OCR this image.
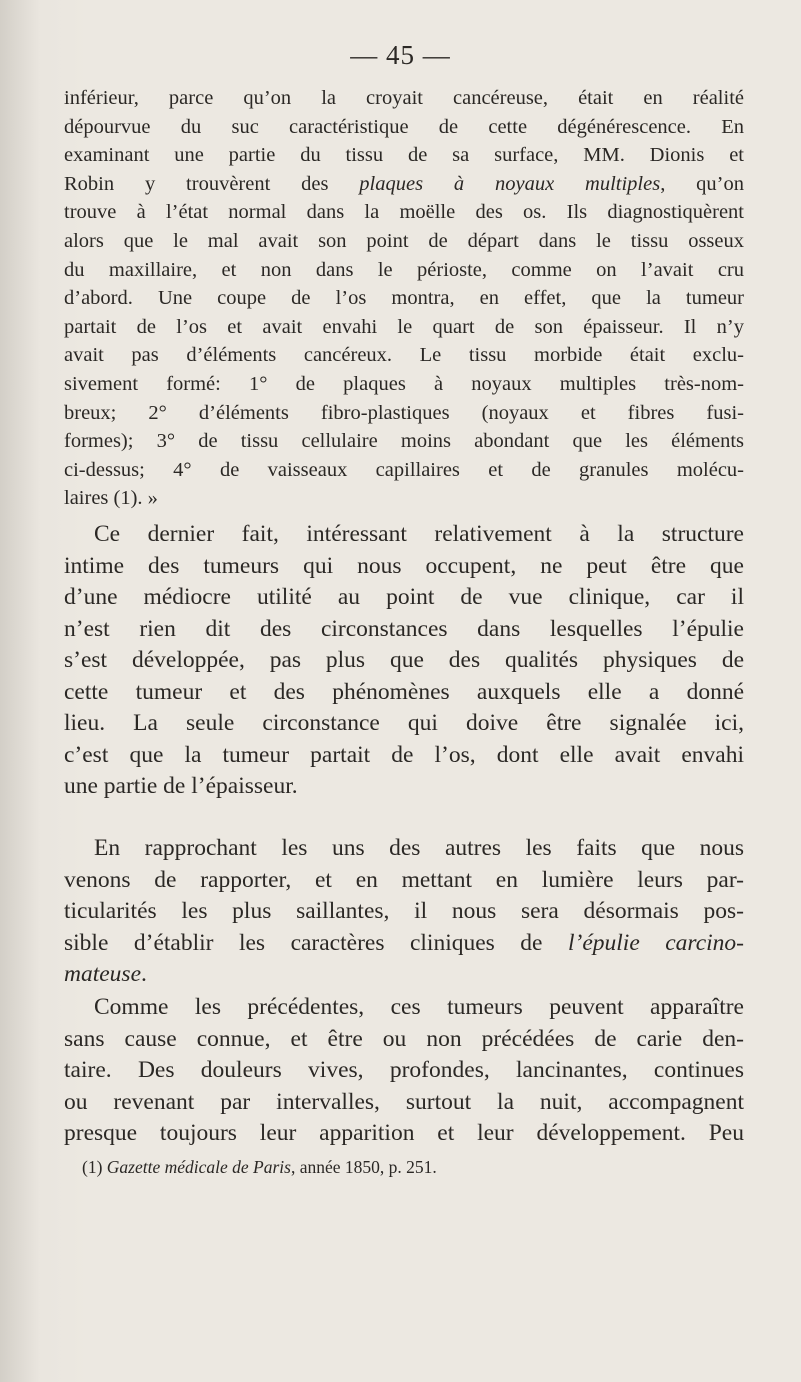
— 45 —
inférieur, parce qu’on la croyait cancéreuse, était en réalité
dépourvue du suc caractéristique de cette dégénérescence. En
examinant une partie du tissu de sa surface, MM. Dionis et
Robin y trouvèrent des plaques à noyaux multiples, qu’on
trouve à l’état normal dans la moëlle des os. Ils diagnostiquèrent
alors que le mal avait son point de départ dans le tissu osseux
du maxillaire, et non dans le périoste, comme on l’avait cru
d’abord. Une coupe de l’os montra, en effet, que la tumeur
partait de l’os et avait envahi le quart de son épaisseur. Il n’y
avait pas d’éléments cancéreux. Le tissu morbide était exclu-
sivement formé: 1° de plaques à noyaux multiples très-nom-
breux; 2° d’éléments fibro-plastiques (noyaux et fibres fusi-
formes); 3° de tissu cellulaire moins abondant que les éléments
ci-dessus; 4° de vaisseaux capillaires et de granules molécu-
laires (1). »
Ce dernier fait, intéressant relativement à la structure
intime des tumeurs qui nous occupent, ne peut être que
d’une médiocre utilité au point de vue clinique, car il
n’est rien dit des circonstances dans lesquelles l’épulie
s’est développée, pas plus que des qualités physiques de
cette tumeur et des phénomènes auxquels elle a donné
lieu. La seule circonstance qui doive être signalée ici,
c’est que la tumeur partait de l’os, dont elle avait envahi
une partie de l’épaisseur.
En rapprochant les uns des autres les faits que nous
venons de rapporter, et en mettant en lumière leurs par-
ticularités les plus saillantes, il nous sera désormais pos-
sible d’établir les caractères cliniques de l’épulie carcino-
mateuse.
Comme les précédentes, ces tumeurs peuvent apparaître
sans cause connue, et être ou non précédées de carie den-
taire. Des douleurs vives, profondes, lancinantes, continues
ou revenant par intervalles, surtout la nuit, accompagnent
presque toujours leur apparition et leur développement. Peu
(1) Gazette médicale de Paris, année 1850, p. 251.
